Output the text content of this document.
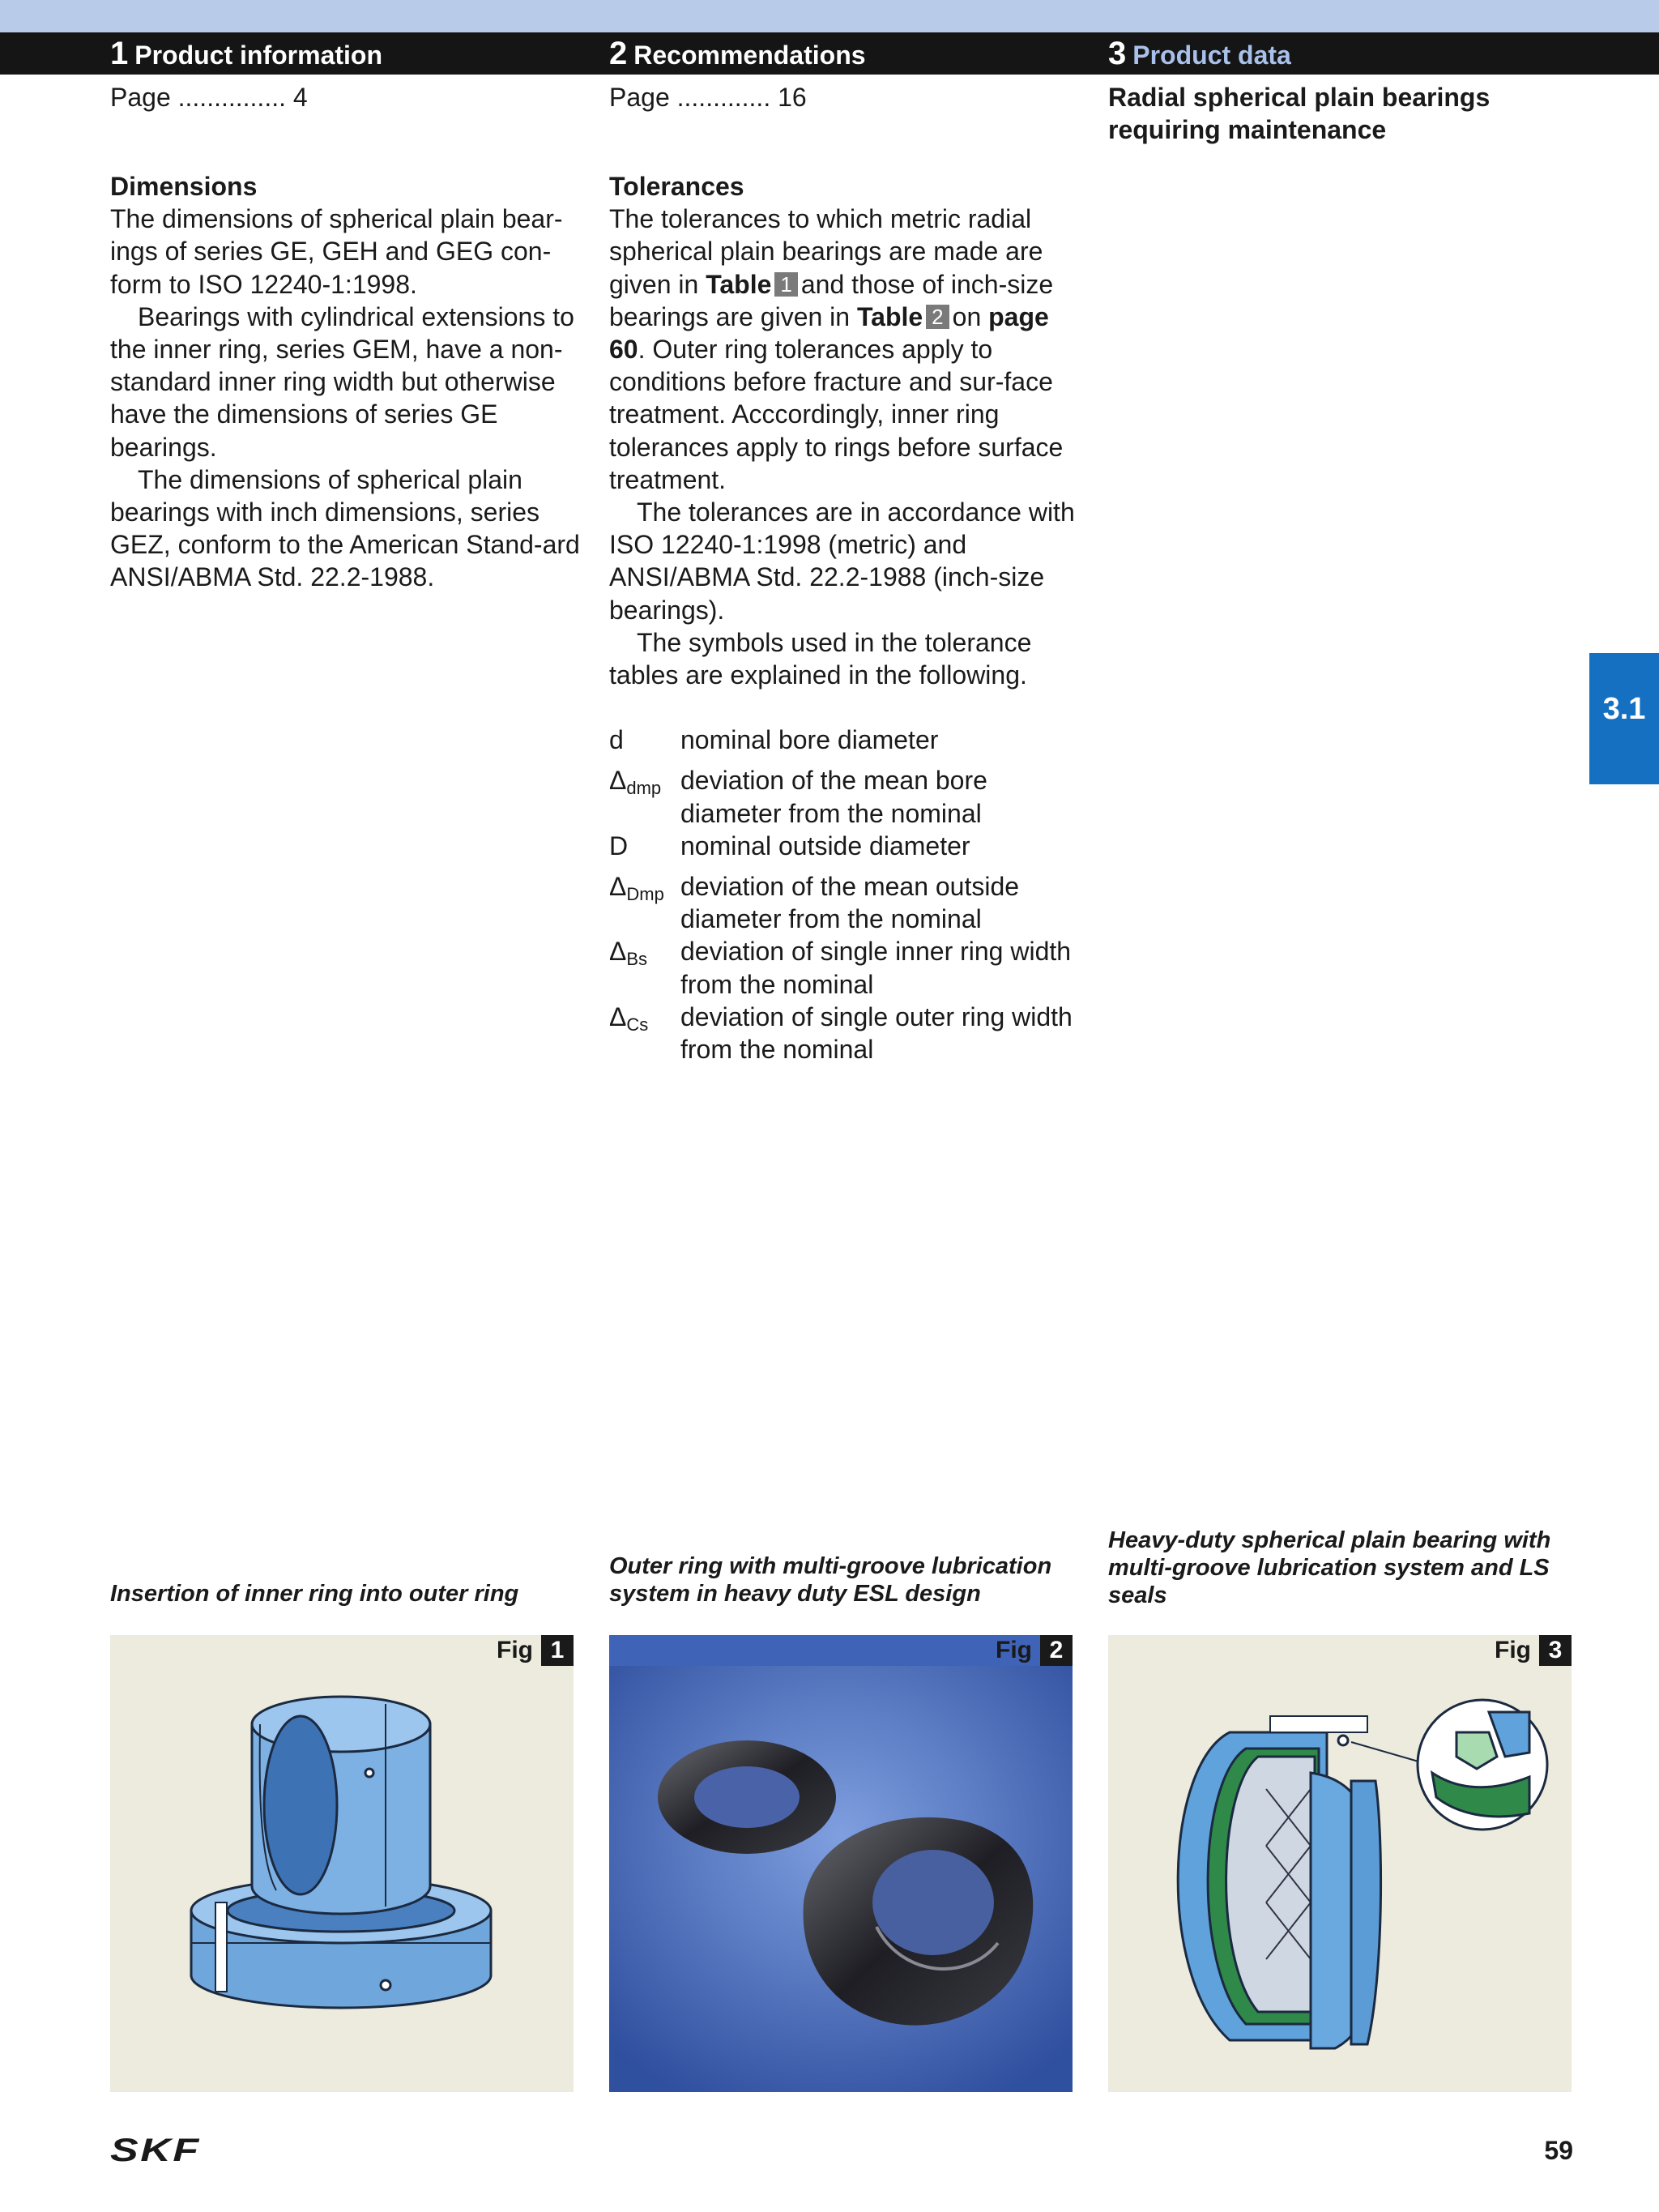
1 Product information	2 Recommendations	3 Product data
Page ............... 4
Dimensions

The dimensions of spherical plain bear-ings of series GE, GEH and GEG con-form to ISO 12240-1:1998.

Bearings with cylindrical extensions to the inner ring, series GEM, have a non-standard inner ring width but otherwise have the dimensions of series GE bearings.

The dimensions of spherical plain bearings with inch dimensions, series GEZ, conform to the American Stand-ard ANSI/ABMA Std. 22.2-1988.

Page ............. 16
Tolerances

The tolerances to which metric radial spherical plain bearings are made are given in Table 1 and those of inch-size bearings are given in Table 2 on page 60. Outer ring tolerances apply to conditions before fracture and sur-face treatment. Acccordingly, inner ring tolerances apply to rings before surface treatment.

The tolerances are in accordance with ISO 12240-1:1998 (metric) and ANSI/ABMA Std. 22.2-1988 (inch-size bearings).

The symbols used in the tolerance tables are explained in the following.

d	nominal bore diameter
$\Delta_{dmp}$ deviation of the mean bore diameter from the nominal
D	nominal outside diameter
$\Delta_{Dmp}$ deviation of the mean outside diameter from the nominal
$\Delta_{Bs}$	deviation of single inner ring width from the nominal
$\Delta_{Cs}$	deviation of single outer ring width from the nominal
Radial spherical plain bearings requiring maintenance
3.1
Insertion of inner ring into outer ring
Outer ring with multi-groove lubrication system in heavy duty ESL design
Heavy-duty spherical plain bearing with multi-groove lubrication system and LS seals
Fig 1	Fig 2	Fig 3
SKF	59
